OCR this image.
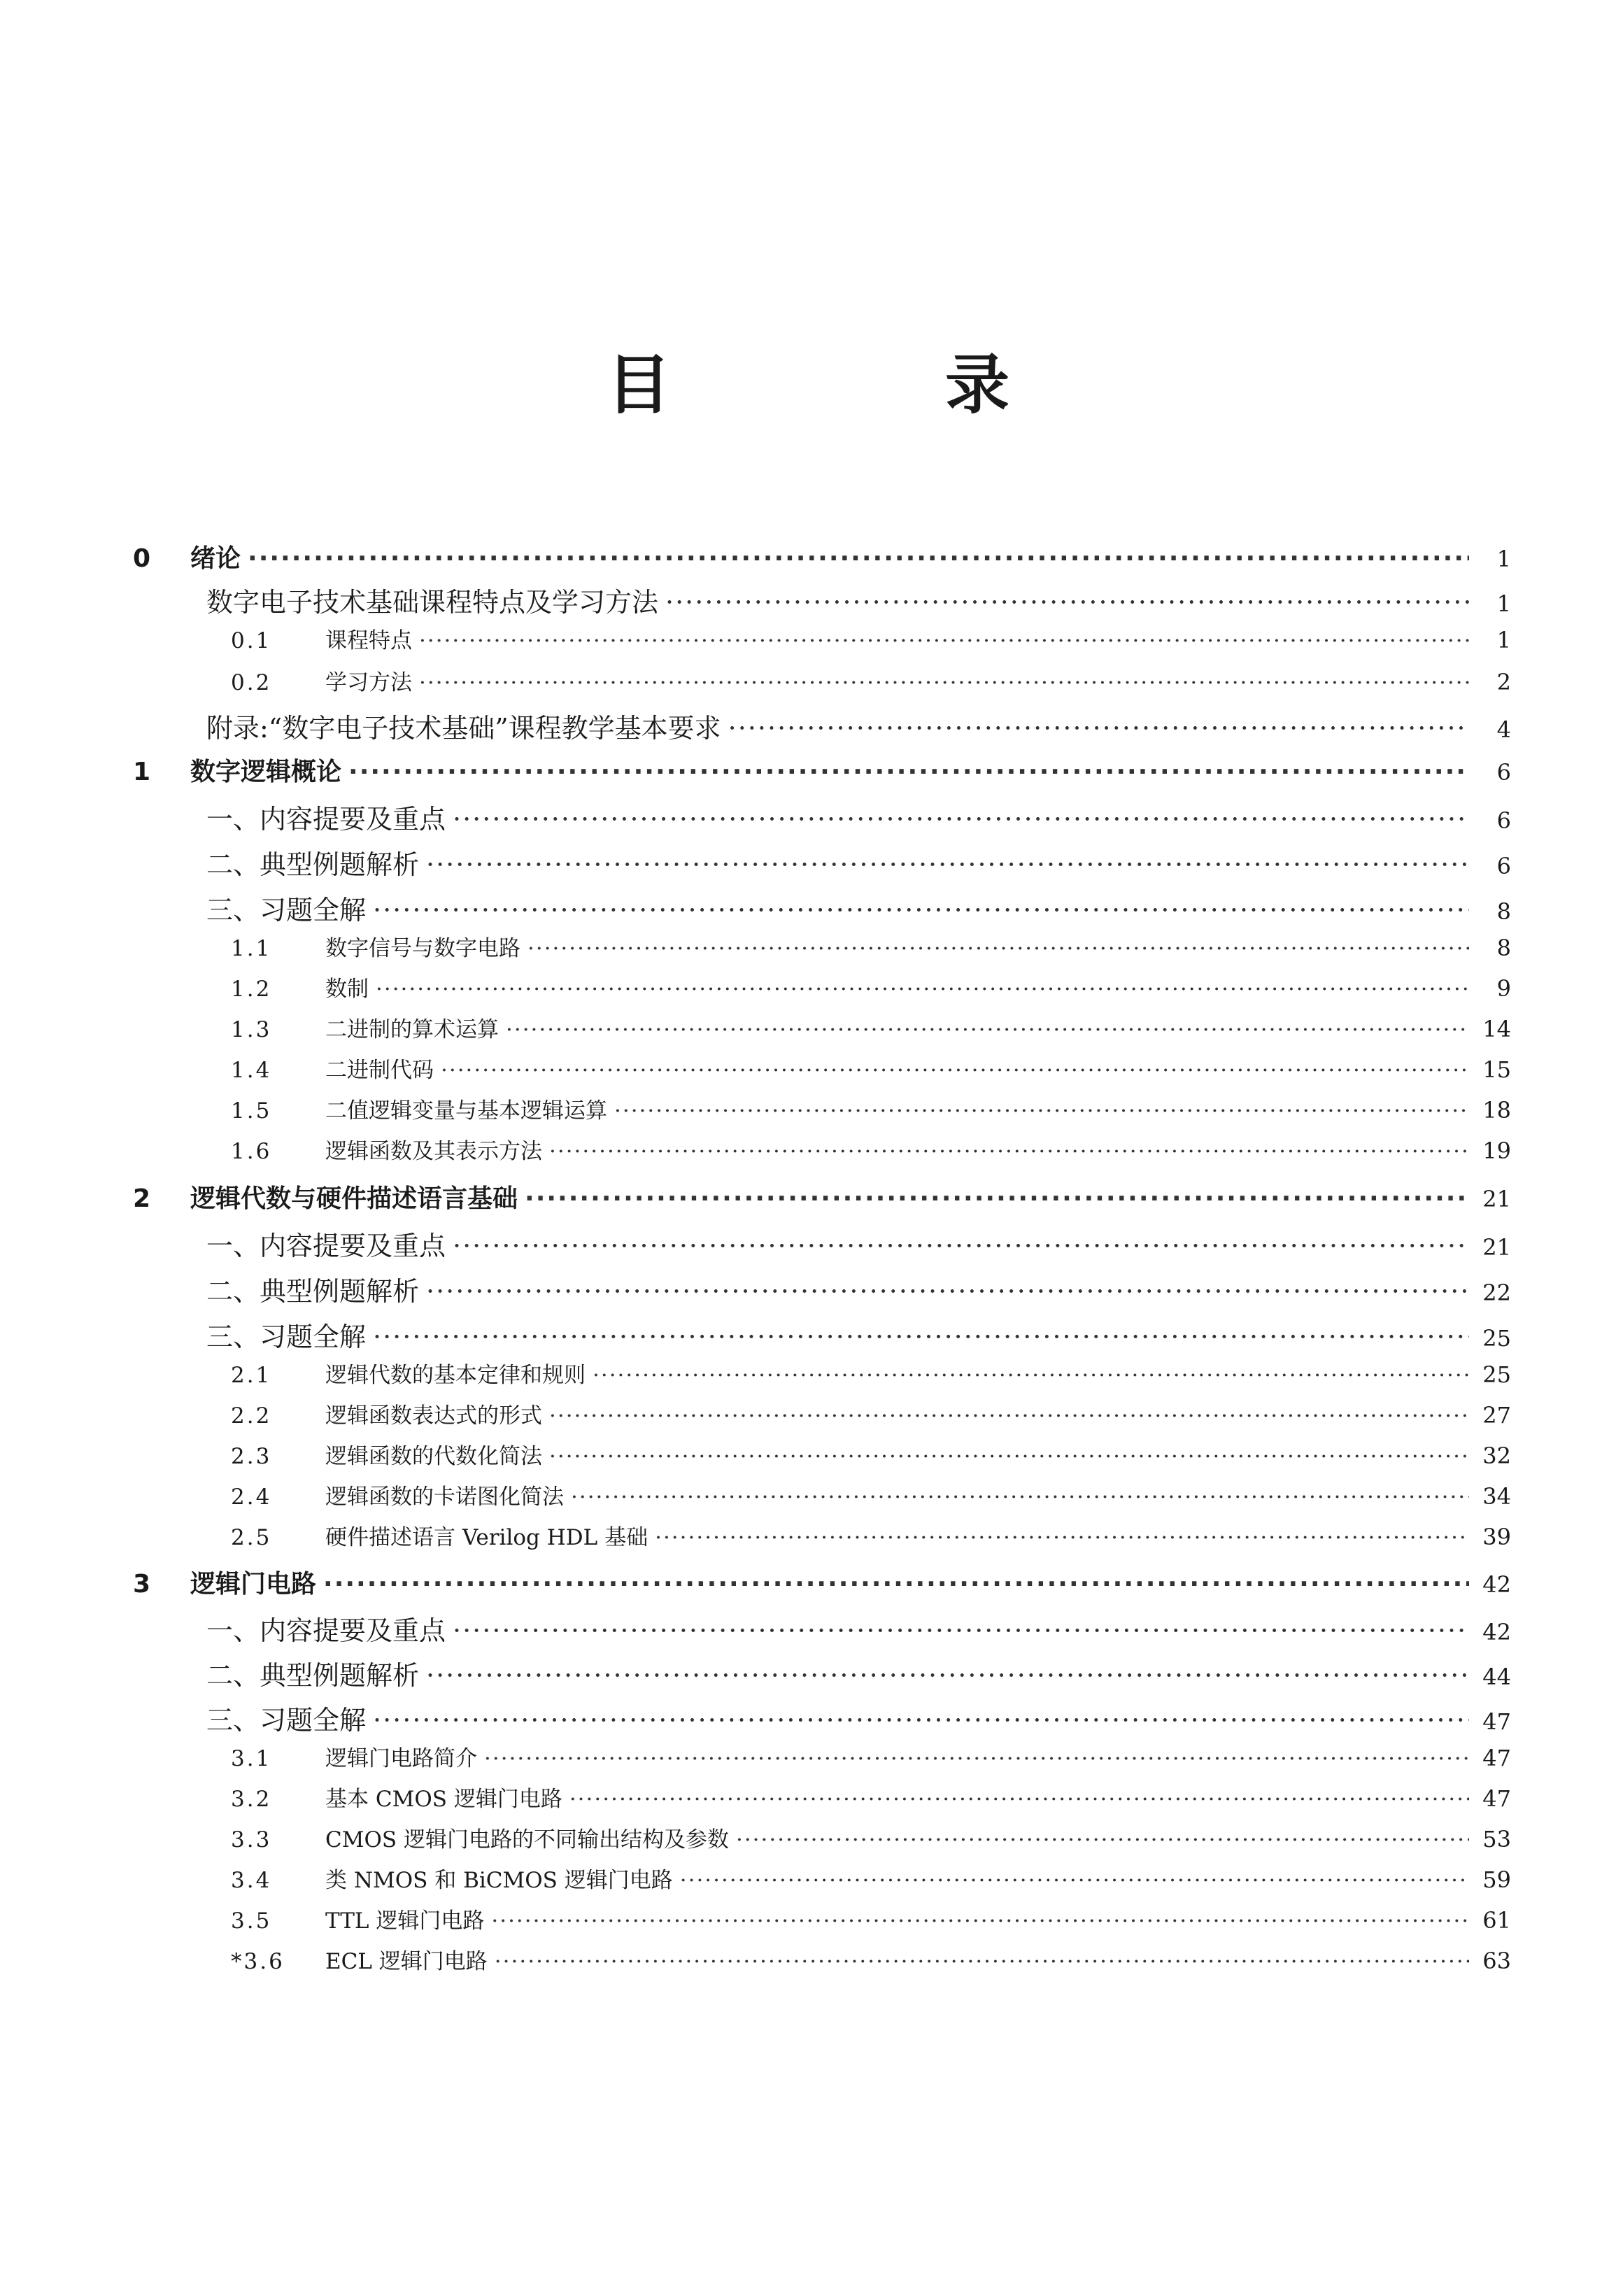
目 录
0	绪论 ·····	1
数字电子技术基础课程特点及学习方法 ·····	1
0.1	课程特点 ·····	1
0.2	学习方法 ·····	2
附录:“数字电子技术基础”课程教学基本要求 ·····	4
1	数字逻辑概论 ·····	6
一、内容提要及重点 ·····	6
二、典型例题解析 ·····	6
三、习题全解 ·····	8
1.1	数字信号与数字电路 ·····	8
1.2	数制 ·····	9
1.3	二进制的算术运算 ·····	14
1.4	二进制代码 ·····	15
1.5	二值逻辑变量与基本逻辑运算 ·····	18
1.6	逻辑函数及其表示方法 ·····	19
2	逻辑代数与硬件描述语言基础 ·····	21
一、内容提要及重点 ·····	21
二、典型例题解析 ·····	22
三、习题全解 ·····	25
2.1	逻辑代数的基本定律和规则 ·····	25
2.2	逻辑函数表达式的形式 ·····	27
2.3	逻辑函数的代数化简法 ·····	32
2.4	逻辑函数的卡诺图化简法 ·····	34
2.5	硬件描述语言 Verilog HDL 基础 ·····	39
3	逻辑门电路 ·····	42
一、内容提要及重点 ·····	42
二、典型例题解析 ·····	44
三、习题全解 ·····	47
3.1	逻辑门电路简介 ·····	47
3.2	基本 CMOS 逻辑门电路 ·····	47
3.3	CMOS 逻辑门电路的不同输出结构及参数 ·····	53
3.4	类 NMOS 和 BiCMOS 逻辑门电路 ·····	59
3.5	TTL 逻辑门电路 ·····	61
*3.6	ECL 逻辑门电路 ·····	63
